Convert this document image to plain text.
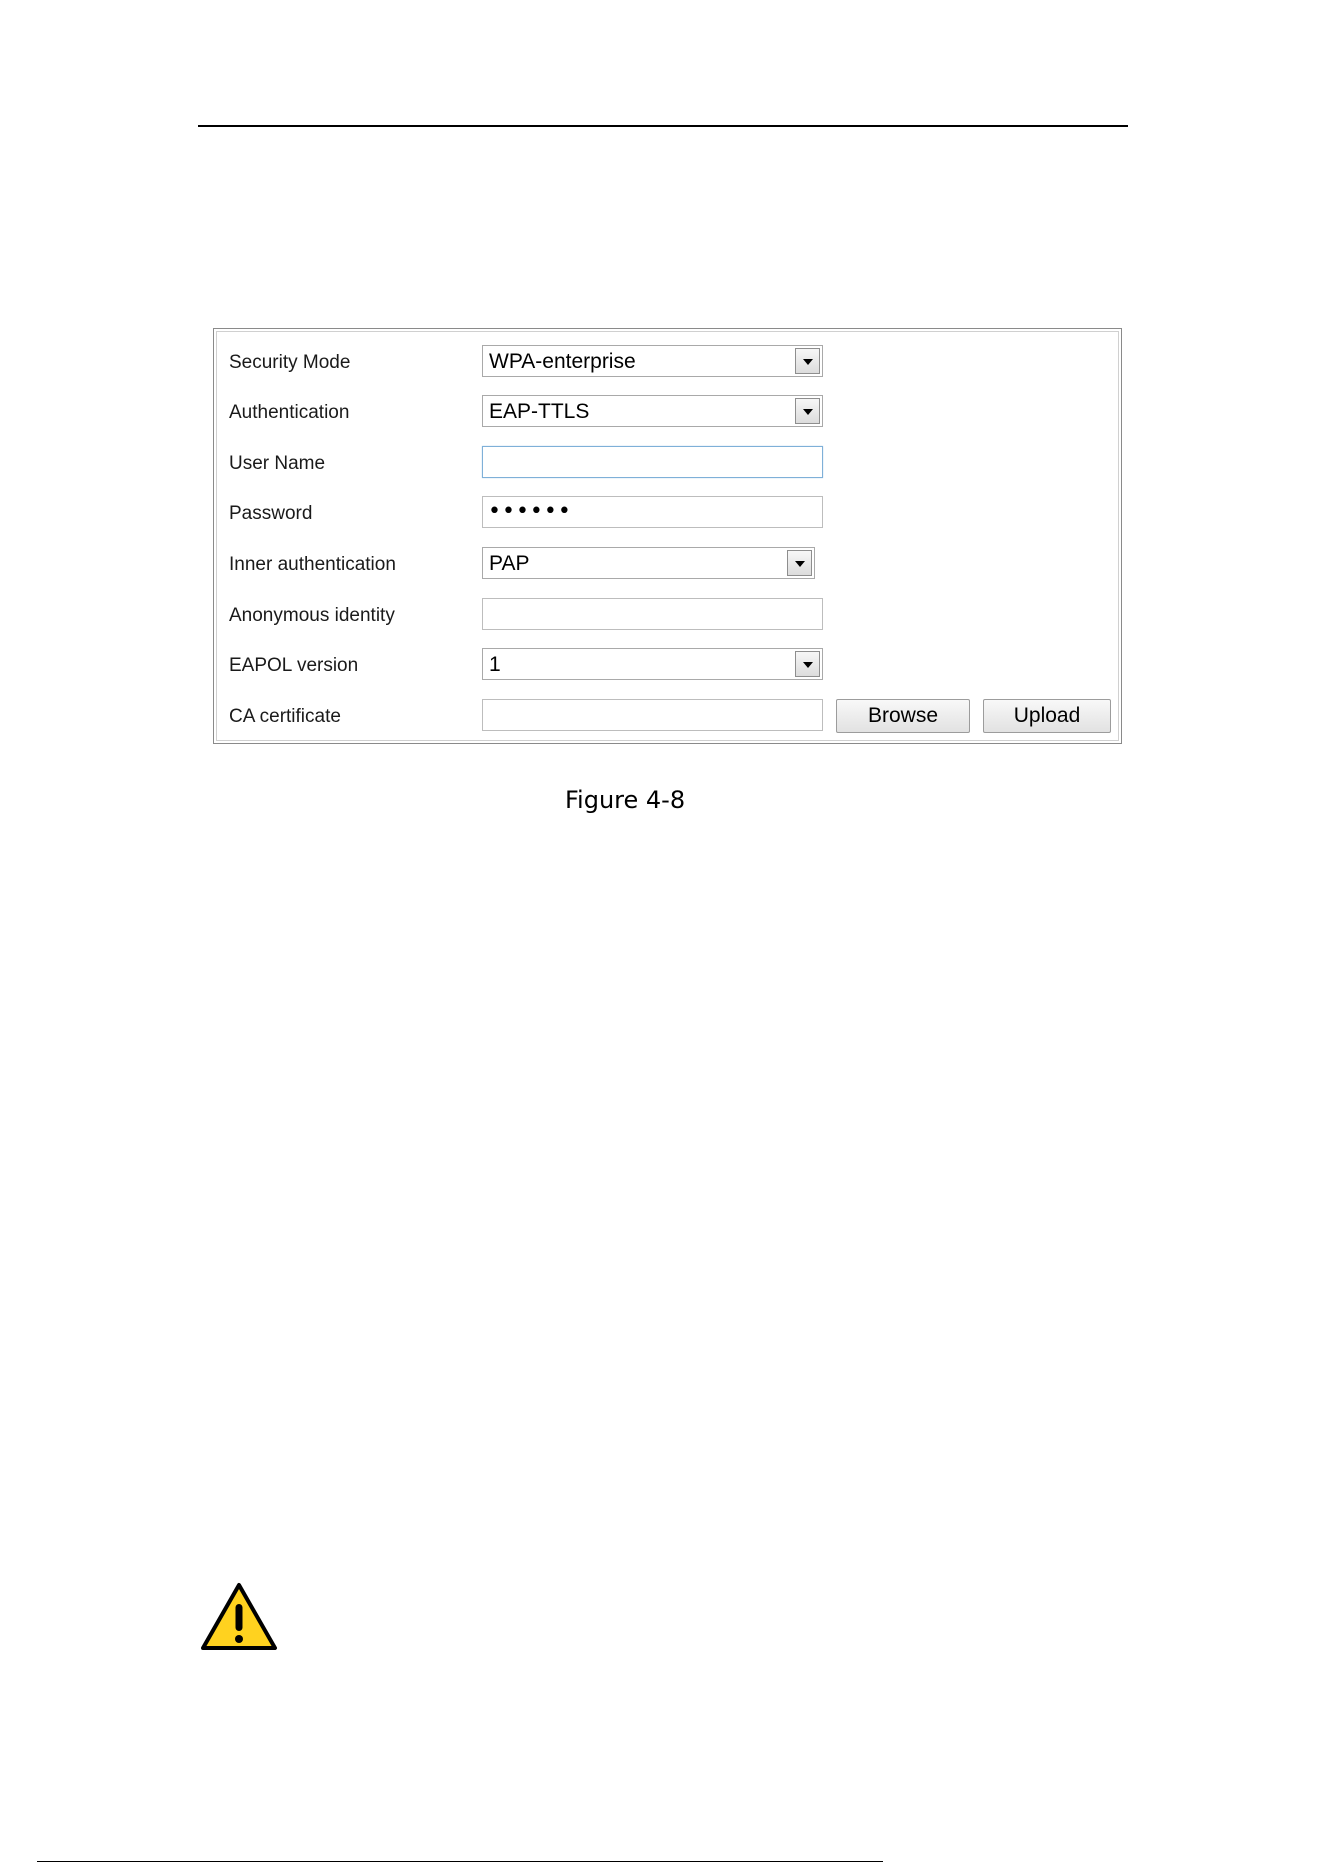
Security Mode	WPA-enterprise
Authentication	EAP-TTLS
User Name
Password	••••••
Inner authentication	PAP
Anonymous identity
EAPOL version	1
CA certificate	Browse	Upload
Figure 4-8
